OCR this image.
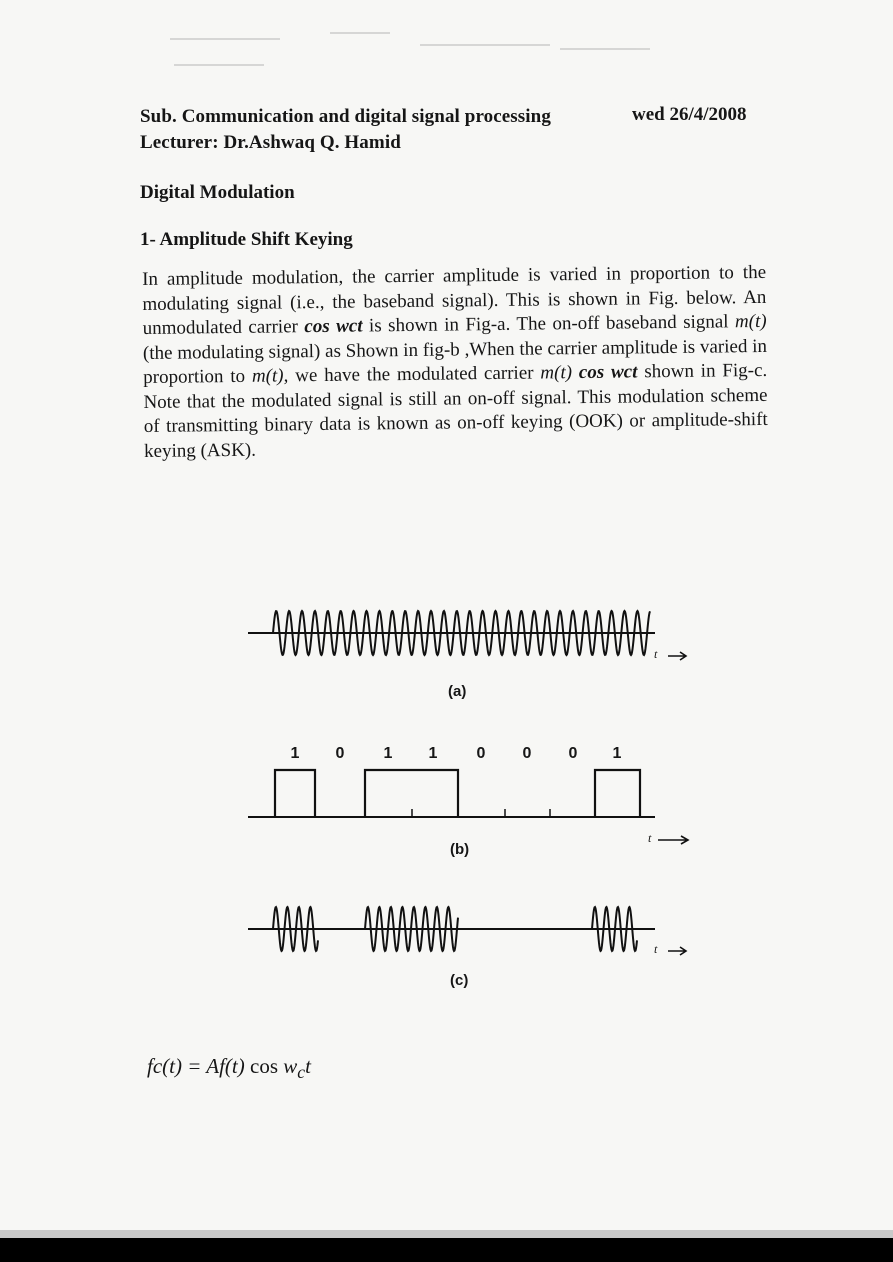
Sub. Communication and digital signal processing	wed 26/4/2008
Lecturer: Dr.Ashwaq Q. Hamid
Digital Modulation
1- Amplitude Shift Keying
In amplitude modulation, the carrier amplitude is varied in proportion to the modulating signal (i.e., the baseband signal). This is shown in Fig. below. An unmodulated carrier cos wct is shown in Fig-a. The on-off baseband signal m(t) (the modulating signal) as Shown in fig-b ,When the carrier amplitude is varied in proportion to m(t), we have the modulated carrier m(t) cos wct shown in Fig-c. Note that the modulated signal is still an on-off signal. This modulation scheme of transmitting binary data is known as on-off keying (OOK) or amplitude-shift keying (ASK).
t
t
t
(a)
(b)
(c)
1 0 1 1 0 0 0 1
fc(t) = Af(t) $\cos w_ct$
